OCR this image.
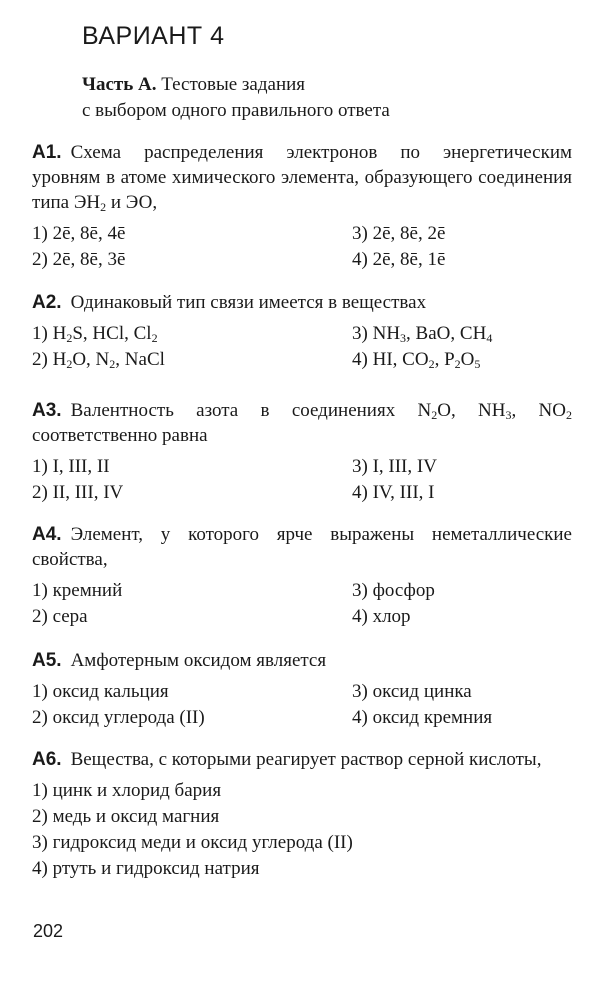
ВАРИАНТ 4
Часть А. Тестовые задания
с выбором одного правильного ответа
А1. Схема распределения электронов по энергетическим уровням в атоме химического элемента, образующего соединения типа $ЭН_2$ и ЭО,
1) 2ē, 8ē, 4ē	3) 2ē, 8ē, 2ē
2) 2ē, 8ē, 3ē	4) 2ē, 8ē, 1ē
А2. Одинаковый тип связи имеется в веществах
1) $H_2S$, HCl, $Cl_2$	3) $NH_3$, BaO, $CH_4$
2) $H_2O$, $N_2$, NaCl	4) HI, $CO_2$, $P_2O_5$
А3. Валентность азота в соединениях $N_2O$, $NH_3$, $NO_2$ соответственно равна
1) I, III, II	3) I, III, IV
2) II, III, IV	4) IV, III, I
А4. Элемент, у которого ярче выражены неметаллические свойства,
1) кремний	3) фосфор
2) сера	4) хлор
А5. Амфотерным оксидом является
1) оксид кальция	3) оксид цинка
2) оксид углерода (II)	4) оксид кремния
А6. Вещества, с которыми реагирует раствор серной кислоты,
1) цинк и хлорид бария
2) медь и оксид магния
3) гидроксид меди и оксид углерода (II)
4) ртуть и гидроксид натрия
202
